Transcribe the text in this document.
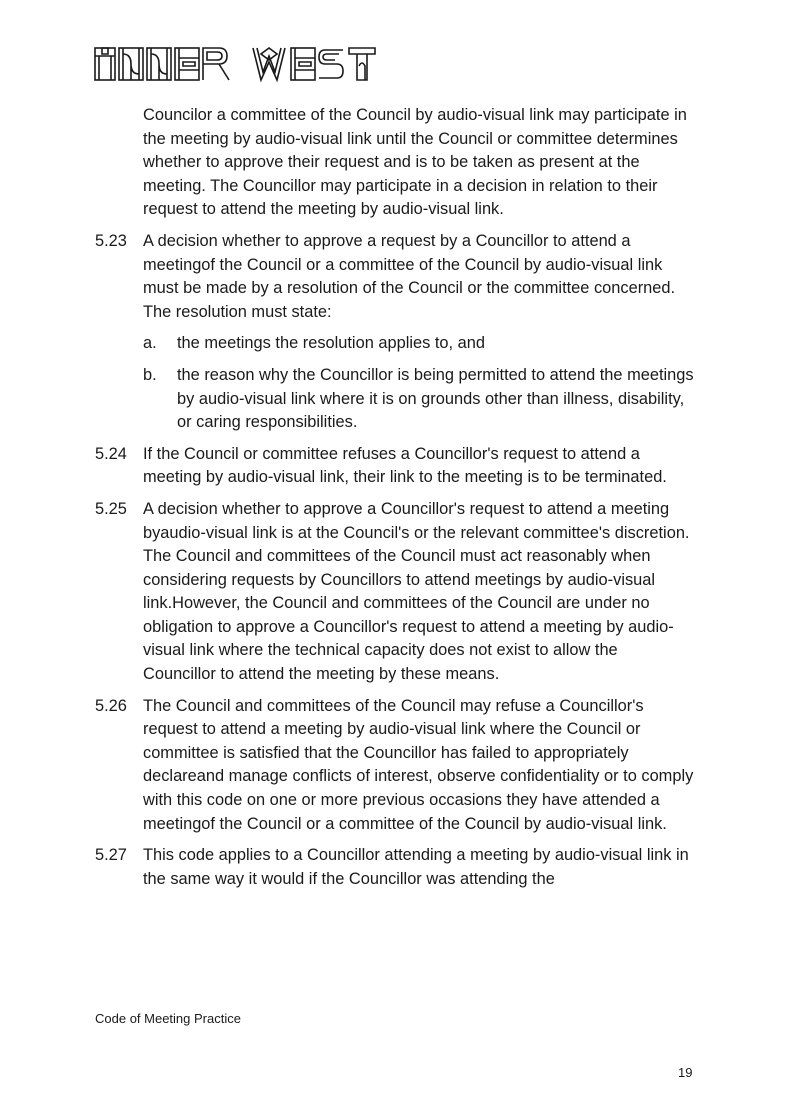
Councilor a committee of the Council by audio-visual link may participate in the meeting by audio-visual link until the Council or committee determines whether to approve their request and is to be taken as present at the meeting. The Councillor may participate in a decision in relation to their request to attend the meeting by audio-visual link.
5.23 A decision whether to approve a request by a Councillor to attend a meetingof the Council or a committee of the Council by audio-visual link must be made by a resolution of the Council or the committee concerned. The resolution must state:
a.	the meetings the resolution applies to, and
b.	the reason why the Councillor is being permitted to attend the meetings by audio-visual link where it is on grounds other than illness, disability, or caring responsibilities.
5.24 If the Council or committee refuses a Councillor's request to attend a meeting by audio-visual link, their link to the meeting is to be terminated.
5.25 A decision whether to approve a Councillor's request to attend a meeting byaudio-visual link is at the Council's or the relevant committee's discretion. The Council and committees of the Council must act reasonably when considering requests by Councillors to attend meetings by audio-visual link.However, the Council and committees of the Council are under no obligation to approve a Councillor's request to attend a meeting by audio- visual link where the technical capacity does not exist to allow the Councillor to attend the meeting by these means.
5.26 The Council and committees of the Council may refuse a Councillor's request to attend a meeting by audio-visual link where the Council or committee is satisfied that the Councillor has failed to appropriately declareand manage conflicts of interest, observe confidentiality or to comply with this code on one or more previous occasions they have attended a meetingof the Council or a committee of the Council by audio-visual link.
5.27 This code applies to a Councillor attending a meeting by audio-visual link in the same way it would if the Councillor was attending the
Code of Meeting Practice
19
